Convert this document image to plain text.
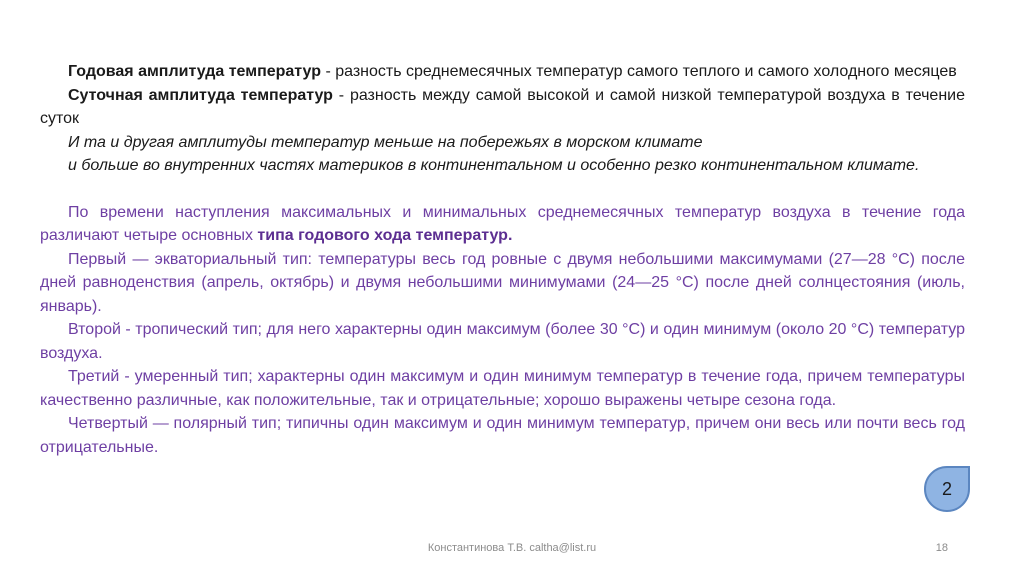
Годовая амплитуда температур - разность среднемесячных температур самого теплого и самого холодного месяцев

Суточная амплитуда температур - разность между самой высокой и самой низкой температурой воздуха в течение суток

И та и другая амплитуды температур меньше на побережьях в морском климате

и больше во внутренних частях материков в континентальном и особенно резко континентальном климате.

По времени наступления максимальных и минимальных среднемесячных температур воздуха в течение года различают четыре основных типа годового хода температур.

Первый — экваториальный тип: температуры весь год ровные с двумя небольшими максимумами (27—28 °С) после дней равноденствия (апрель, октябрь) и двумя небольшими минимумами (24—25 °С) после дней солнцестояния (июль, январь).

Второй - тропический тип; для него характерны один максимум (более 30 °С) и один минимум (около 20 °С) температур воздуха.

Третий - умеренный тип; характерны один максимум и один минимум температур в течение года, причем температуры качественно различные, как положительные, так и отрицательные; хорошо выражены четыре сезона года.

Четвертый — полярный тип; типичны один максимум и один минимум температур, причем они весь или почти весь год отрицательные.

2
Константинова Т.В. caltha@list.ru	18
